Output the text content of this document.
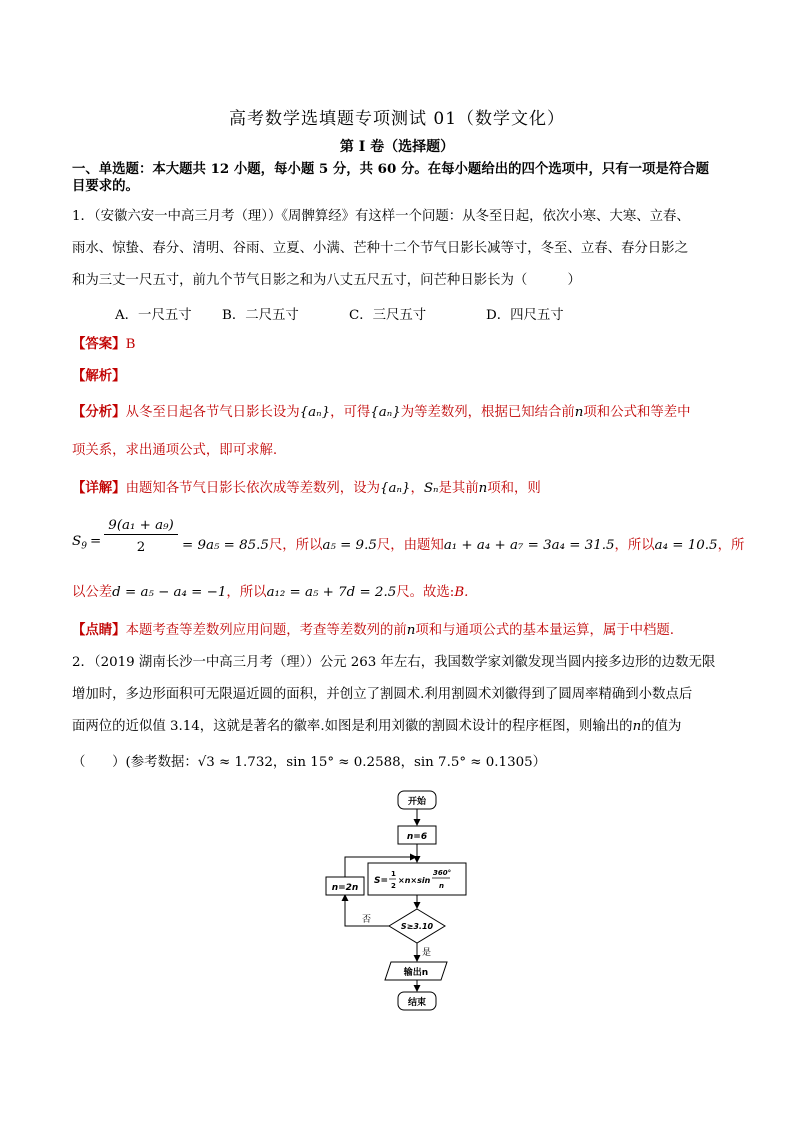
高考数学选填题专项测试 01（数学文化）
第 I 卷（选择题）
一、单选题：本大题共 12 小题，每小题 5 分，共 60 分。在每小题给出的四个选项中，只有一项是符合题
目要求的。
1．（安徽六安一中高三月考（理））《周髀算经》有这样一个问题：从冬至日起，依次小寒、大寒、立春、
雨水、惊蛰、春分、清明、谷雨、立夏、小满、芒种十二个节气日影长减等寸，冬至、立春、春分日影之
和为三丈一尺五寸，前九个节气日影之和为八丈五尺五寸，问芒种日影长为（　　　）
A．一尺五寸 B．二尺五寸	C．三尺五寸	D．四尺五寸
【答案】B
【解析】
【分析】从冬至日起各节气日影长设为{aₙ}，可得{aₙ}为等差数列，根据已知结合前n项和公式和等差中
项关系，求出通项公式，即可求解.
【详解】由题知各节气日影长依次成等差数列，设为{aₙ}，Sₙ是其前n项和，则
$S_9$ =
9(a₁ + a₉)
2	= 9a₅ = 85.5尺，所以a₅ = 9.5尺，由题知a₁ + a₄ + a₇ = 3a₄ = 31.5，所以a₄ = 10.5，所
以公差d = a₅ − a₄ = −1，所以a₁₂ = a₅ + 7d = 2.5尺。故选:B.
【点睛】本题考查等差数列应用问题，考查等差数列的前n项和与通项公式的基本量运算，属于中档题.
2．（2019 湖南长沙一中高三月考（理））公元 263 年左右，我国数学家刘徽发现当圆内接多边形的边数无限
增加时，多边形面积可无限逼近圆的面积，并创立了割圆术.利用割圆术刘徽得到了圆周率精确到小数点后
面两位的近似值 3.14，这就是著名的徽率.如图是利用刘徽的割圆术设计的程序框图，则输出的n的值为
（　　）(参考数据：√3 ≈ 1.732，sin 15° ≈ 0.2588，sin 7.5° ≈ 0.1305）
开始
n=6
S=
1
2
×n×sin
360°
n
n=2n
S≥3.10
否
是
输出n
结束
